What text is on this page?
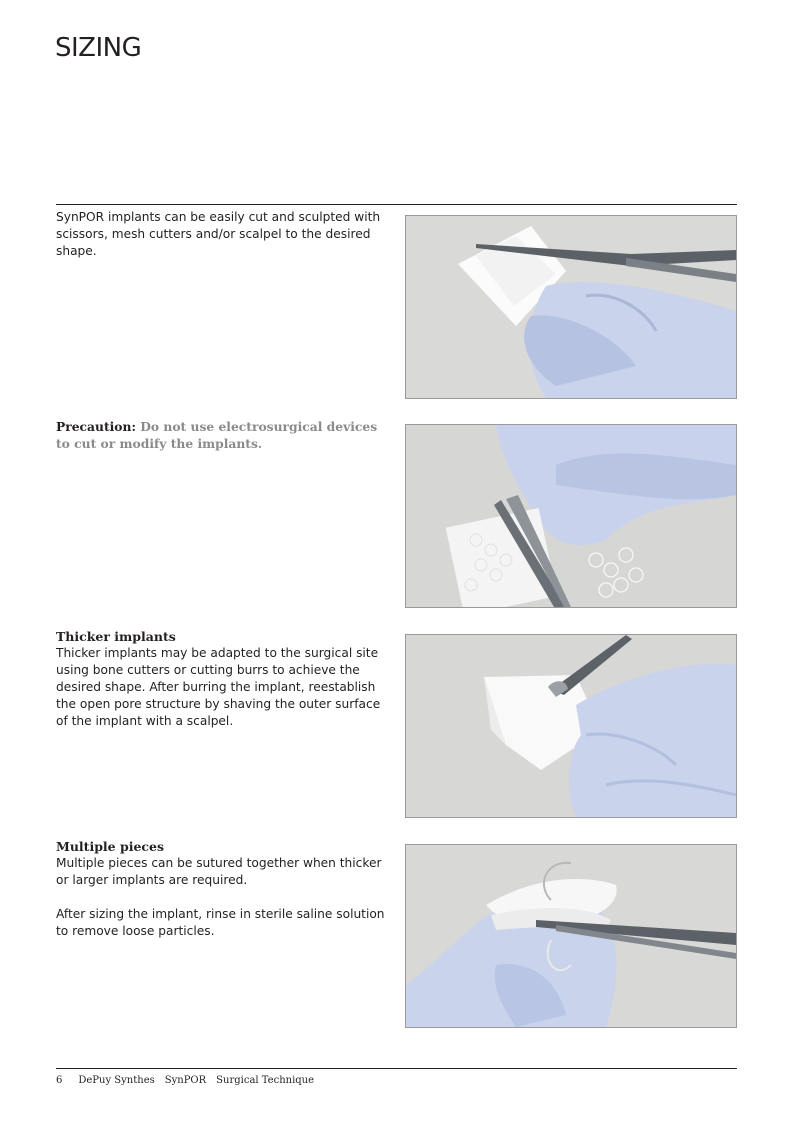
SIZING

SynPOR implants can be easily cut and sculpted with scissors, mesh cutters and/or scalpel to the desired shape.

Precaution: Do not use electrosurgical devices to cut or modify the implants.
Thicker implants

Thicker implants may be adapted to the surgical site using bone cutters or cutting burrs to achieve the desired shape. After burring the implant, reestablish the open pore structure by shaving the outer surface of the implant with a scalpel.

Multiple pieces

Multiple pieces can be sutured together when thicker or larger implants are required.

After sizing the implant, rinse in sterile saline solution to remove loose particles.

6 DePuy Synthes SynPOR Surgical Technique
